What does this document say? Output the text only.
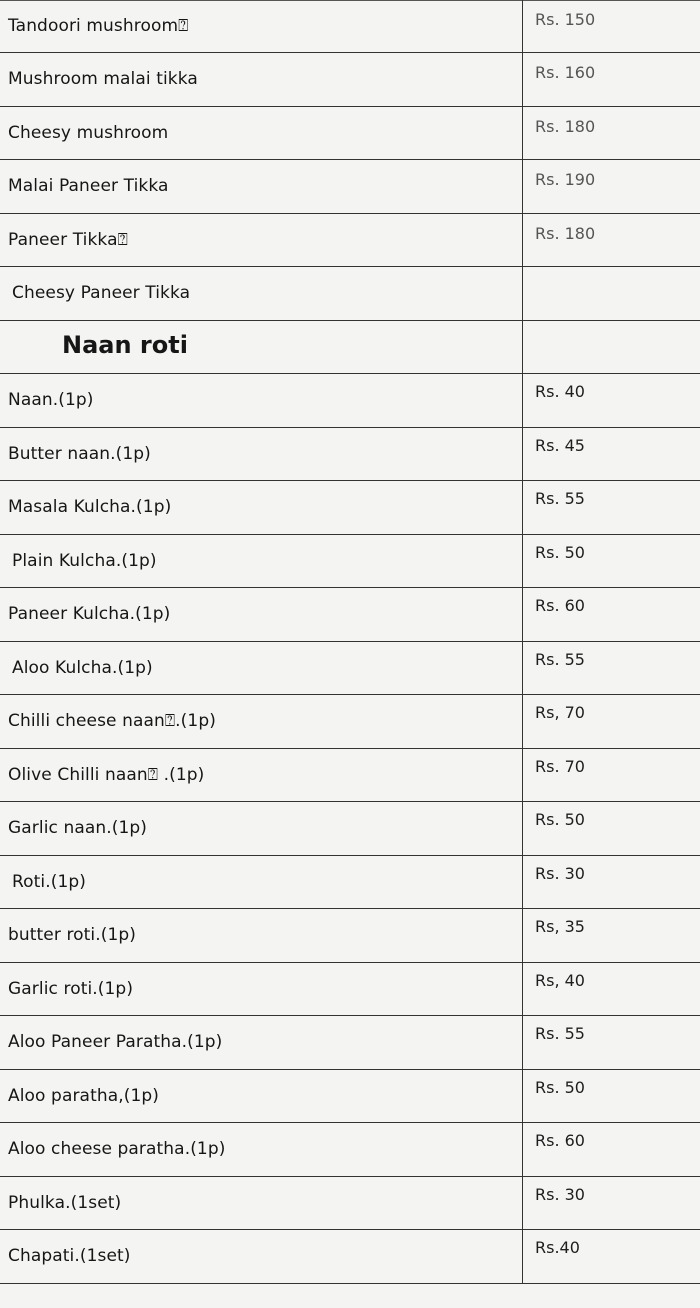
Tandoori mushroom⍰	Rs. 150
Mushroom malai tikka	Rs. 160
Cheesy mushroom	Rs. 180
Malai Paneer Tikka	Rs. 190
Paneer Tikka⍰	Rs. 180
Cheesy Paneer Tikka
Naan roti
Naan.(1p)	Rs. 40
Butter naan.(1p)	Rs. 45
Masala Kulcha.(1p)	Rs. 55
Plain Kulcha.(1p)	Rs. 50
Paneer Kulcha.(1p)	Rs. 60
Aloo Kulcha.(1p)	Rs. 55
Chilli cheese naan⍰.(1p)	Rs, 70
Olive Chilli naan⍰ .(1p)	Rs. 70
Garlic naan.(1p)	Rs. 50
Roti.(1p)	Rs. 30
butter roti.(1p)	Rs, 35
Garlic roti.(1p)	Rs, 40
Aloo Paneer Paratha.(1p)	Rs. 55
Aloo paratha,(1p)	Rs. 50
Aloo cheese paratha.(1p)	Rs. 60
Phulka.(1set)	Rs. 30
Chapati.(1set)	Rs.40
